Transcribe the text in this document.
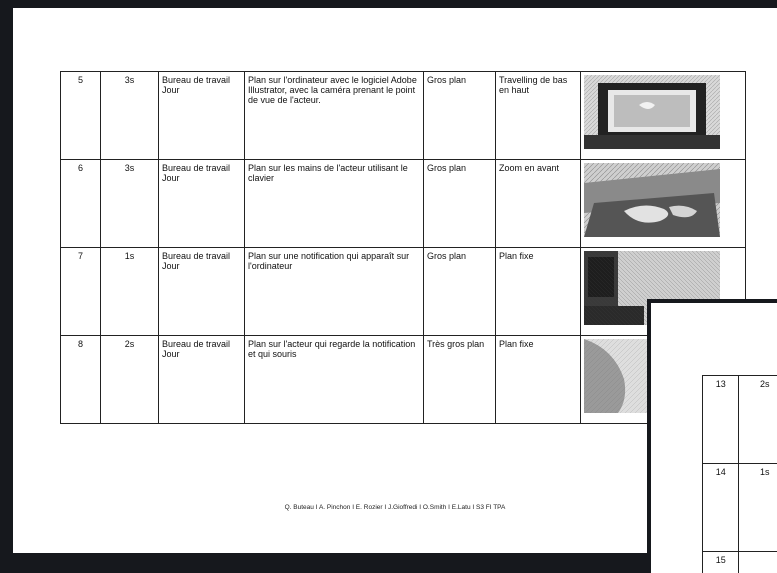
5	3s	Bureau de travail Jour	Plan sur l'ordinateur avec le logiciel Adobe Illustrator, avec la caméra prenant le point de vue de l'acteur.	Gros plan	Travelling de bas en haut	

6	3s	Bureau de travail Jour	Plan sur les mains de l'acteur utilisant le clavier	Gros plan	Zoom en avant	

7	1s	Bureau de travail Jour	Plan sur une notification qui apparaît sur l'ordinateur	Gros plan	Plan fixe	

8	2s	Bureau de travail Jour	Plan sur l'acteur qui regarde la notification et qui souris	Très gros plan	Plan fixe	
Q. Buteau I A. Pinchon I E. Rozier I J.Gioffredi I O.Smith I E.Latu I S3 FI TPA
13	2s
14	1s
15	
